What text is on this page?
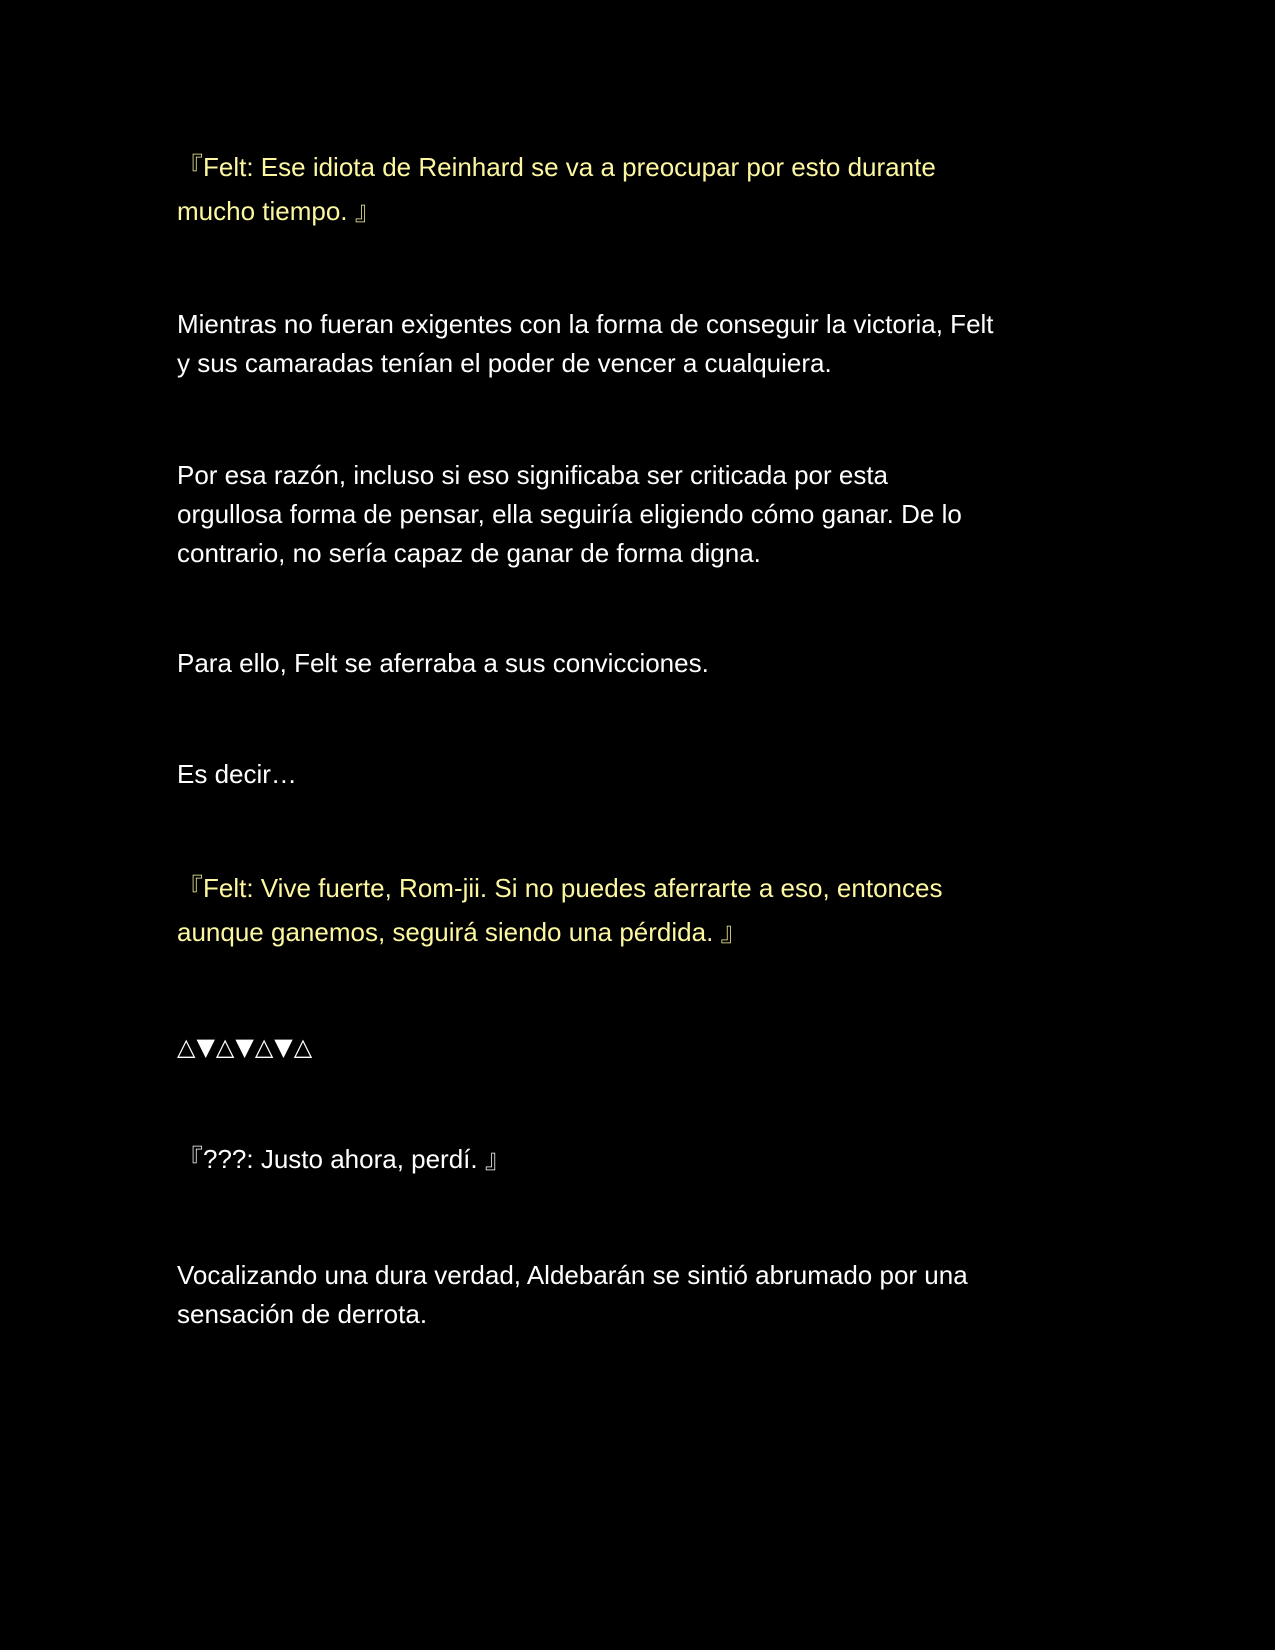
『Felt: Ese idiota de Reinhard se va a preocupar por esto durante
mucho tiempo. 』

Mientras no fueran exigentes con la forma de conseguir la victoria, Felt
y sus camaradas tenían el poder de vencer a cualquiera.

Por esa razón, incluso si eso significaba ser criticada por esta
orgullosa forma de pensar, ella seguiría eligiendo cómo ganar. De lo
contrario, no sería capaz de ganar de forma digna.

Para ello, Felt se aferraba a sus convicciones.

Es decir…

『Felt: Vive fuerte, Rom-jii. Si no puedes aferrarte a eso, entonces
aunque ganemos, seguirá siendo una pérdida. 』

△▼△▼△▼△

『???: Justo ahora, perdí. 』

Vocalizando una dura verdad, Aldebarán se sintió abrumado por una
sensación de derrota.
